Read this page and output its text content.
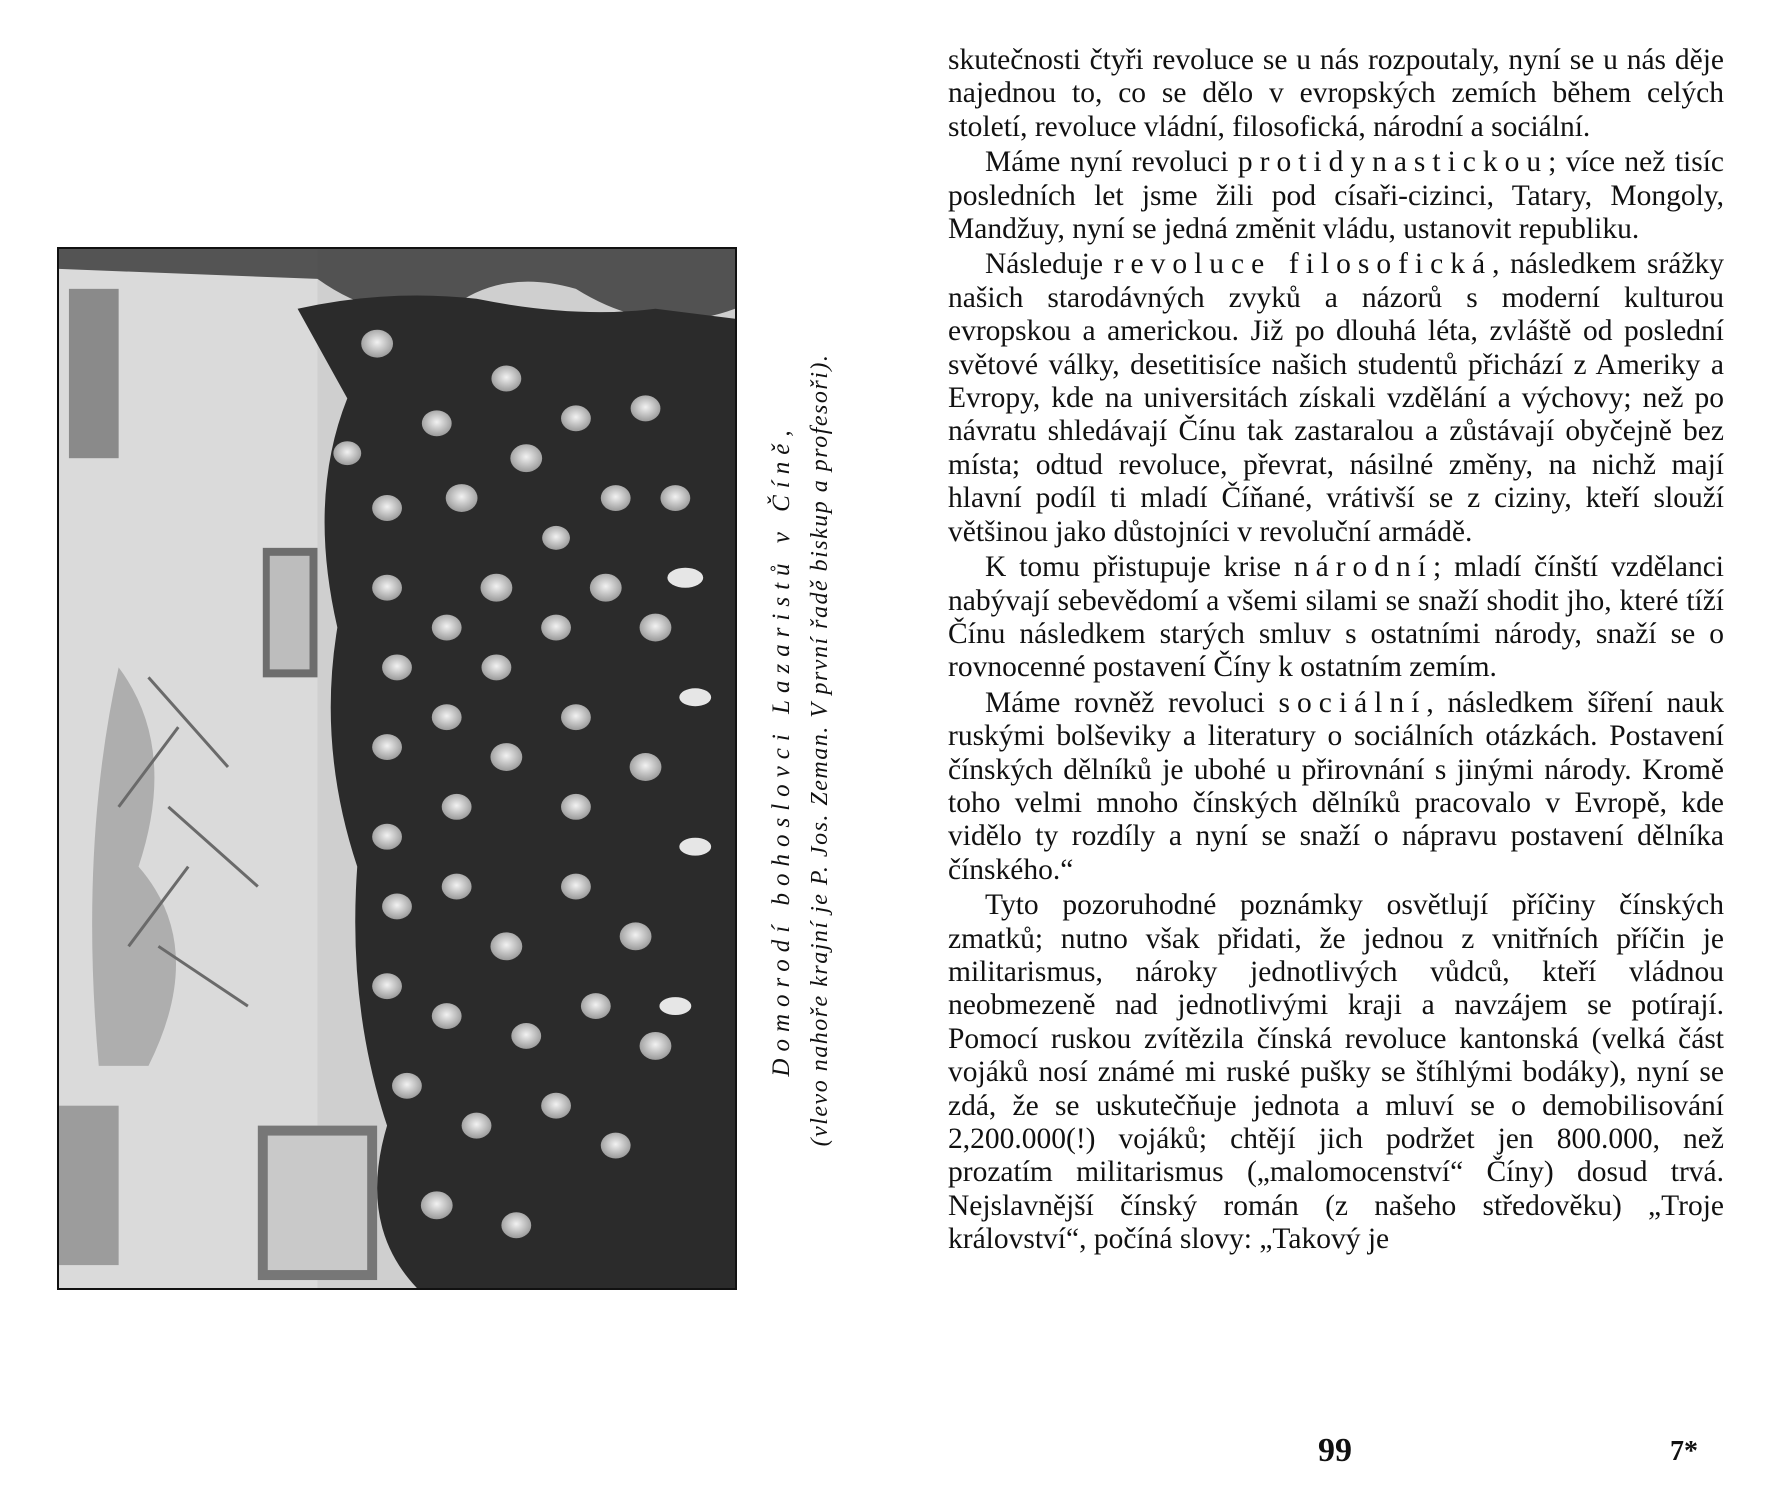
Domorodí bohoslovci Lazaristů v Číně, (vlevo nahoře krajní je P. Jos. Zeman. V první řadě biskup a profesoři).

skutečnosti čtyři revoluce se u nás rozpoutaly, nyní se u nás děje najednou to, co se dělo v evropských zemích během celých století, revoluce vládní, filosofická, národní a sociální.

Máme nyní revoluci protidynastickou; více než tisíc posledních let jsme žili pod císaři-cizinci, Tatary, Mongoly, Mandžuy, nyní se jedná změnit vládu, ustanovit republiku.

Následuje revoluce filosofická, následkem srážky našich starodávných zvyků a názorů s moderní kulturou evropskou a americkou. Již po dlouhá léta, zvláště od poslední světové války, desetitisíce našich studentů přichází z Ameriky a Evropy, kde na universitách získali vzdělání a výchovy; než po návratu shledávají Čínu tak zastaralou a zůstávají obyčejně bez místa; odtud revoluce, převrat, násilné změny, na nichž mají hlavní podíl ti mladí Číňané, vrátivší se z ciziny, kteří slouží většinou jako důstojníci v revoluční armádě.

K tomu přistupuje krise národní; mladí čínští vzdělanci nabývají sebevědomí a všemi silami se snaží shodit jho, které tíží Čínu následkem starých smluv s ostatními národy, snaží se o rovnocenné postavení Číny k ostatním zemím.

Máme rovněž revoluci sociální, následkem šíření nauk ruskými bolševiky a literatury o sociálních otázkách. Postavení čínských dělníků je ubohé u přirovnání s jinými národy. Kromě toho velmi mnoho čínských dělníků pracovalo v Evropě, kde vidělo ty rozdíly a nyní se snaží o nápravu postavení dělníka čínského.“

Tyto pozoruhodné poznámky osvětlují příčiny čínských zmatků; nutno však přidati, že jednou z vnitřních příčin je militarismus, nároky jednotlivých vůdců, kteří vládnou neobmezeně nad jednotlivými kraji a navzájem se potírají. Pomocí ruskou zvítězila čínská revoluce kantonská (velká část vojáků nosí známé mi ruské pušky se štíhlými bodáky), nyní se zdá, že se uskutečňuje jednota a mluví se o demobilisování 2,200.000(!) vojáků; chtějí jich podržet jen 800.000, než prozatím militarismus („malomocenství“ Číny) dosud trvá. Nejslavnější čínský román (z našeho středověku) „Troje království“, počíná slovy: „Takový je

99	7*
